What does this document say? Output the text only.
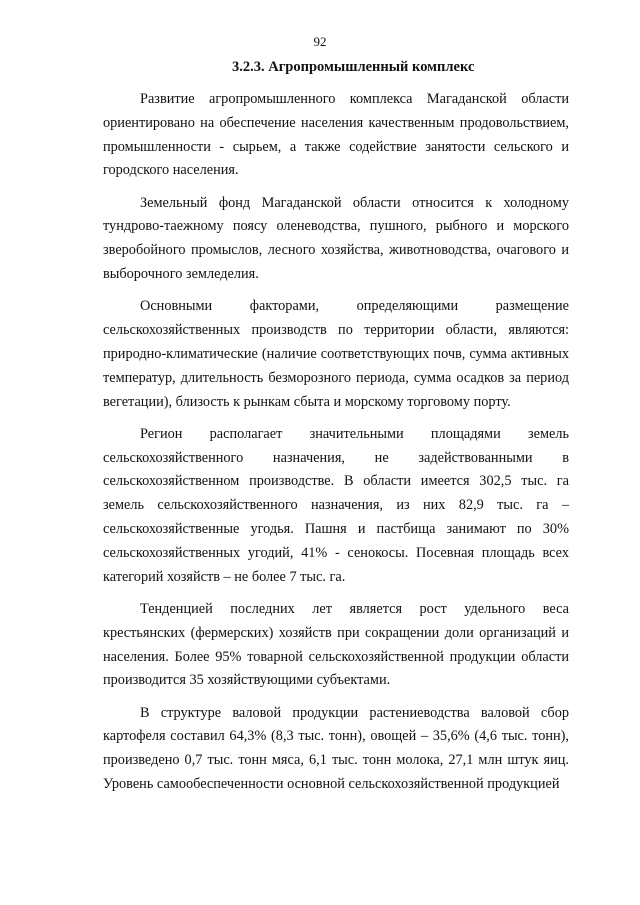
92
3.2.3. Агропромышленный комплекс

Развитие агропромышленного комплекса Магаданской области ориентировано на обеспечение населения качественным продовольствием, промышленности - сырьем, а также содействие занятости сельского и городского населения.

Земельный фонд Магаданской области относится к холодному тундрово-таежному поясу оленеводства, пушного, рыбного и морского зверобойного промыслов, лесного хозяйства, животноводства, очагового и выборочного земледелия.

Основными факторами, определяющими размещение сельскохозяйственных производств по территории области, являются: природно-климатические (наличие соответствующих почв, сумма активных температур, длительность безморозного периода, сумма осадков за период вегетации), близость к рынкам сбыта и морскому торговому порту.

Регион располагает значительными площадями земель сельскохозяйственного назначения, не задействованными в сельскохозяйственном производстве. В области имеется 302,5 тыс. га земель сельскохозяйственного назначения, из них 82,9 тыс. га – сельскохозяйственные угодья. Пашня и пастбища занимают по 30% сельскохозяйственных угодий, 41% - сенокосы. Посевная площадь всех категорий хозяйств – не более 7 тыс. га.

Тенденцией последних лет является рост удельного веса крестьянских (фермерских) хозяйств при сокращении доли организаций и населения. Более 95% товарной сельскохозяйственной продукции области производится 35 хозяйствующими субъектами.

В структуре валовой продукции растениеводства валовой сбор картофеля составил 64,3% (8,3 тыс. тонн), овощей – 35,6% (4,6 тыс. тонн), произведено 0,7 тыс. тонн мяса, 6,1 тыс. тонн молока, 27,1 млн штук яиц. Уровень самообеспеченности основной сельскохозяйственной продукцией
